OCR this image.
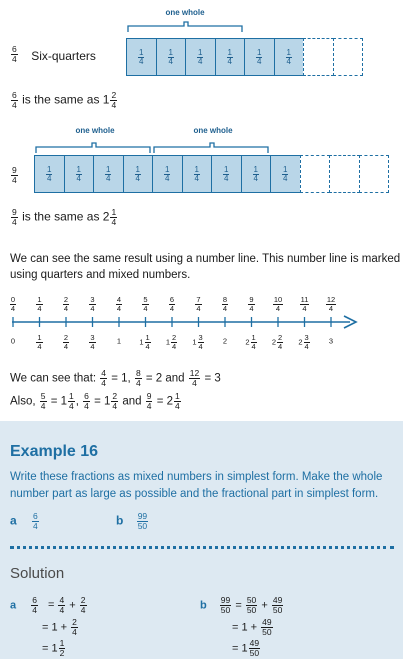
$\frac{6}{4}$ Six-quarters
one whole
$\frac{1}{4}$	$\frac{1}{4}$	$\frac{1}{4}$	$\frac{1}{4}$	$\frac{1}{4}$	$\frac{1}{4}$
$\frac{6}{4}$ is the same as $1 \frac{2}{4}$
$\frac{9}{4}$
one whole	one whole
$\frac{1}{4}$	$\frac{1}{4}$	$\frac{1}{4}$	$\frac{1}{4}$	$\frac{1}{4}$	$\frac{1}{4}$	$\frac{1}{4}$	$\frac{1}{4}$	$\frac{1}{4}$
$\frac{9}{4}$ is the same as $2 \frac{1}{4}$
We can see the same result using a number line. This number line is marked
using quarters and mixed numbers.
$\frac{0}{4}$	$\frac{1}{4}$	$\frac{2}{4}$	$\frac{3}{4}$	$\frac{4}{4}$	$\frac{5}{4}$	$\frac{6}{4}$	$\frac{7}{4}$	$\frac{8}{4}$	$\frac{9}{4} \frac{10}{4} \frac{11}{4} \frac{12}{4}$
0	$\frac{1}{4}$	$\frac{2}{4}$	$\frac{3}{4}$	1	$1 \frac{1}{4}$	$1 \frac{2}{4}$	$1 \frac{3}{4}$	2	$2 \frac{1}{4}$	$2 \frac{2}{4}$	$2 \frac{3}{4}$	3
We can see that: $\frac{4}{4} = 1$, $\frac{8}{4} = 2$ and $\frac{12}{4} = 3$
Also, $\frac{5}{4} = 1 \frac{1}{4}$ , $\frac{6}{4} = 1 \frac{2}{4}$ and $\frac{9}{4} = 2 \frac{1}{4}$
Example 16
Write these fractions as mixed numbers in simplest form. Make the whole
number part as large as possible and the fractional part in simplest form.
a $\frac{6}{4}$	b $\frac{99}{50}$
Solution
a $\frac{6}{4} = \frac{4}{4} + \frac{2}{4}$
= $1 + \frac{2}{4}$
= $1 \frac{1}{2}$
b $\frac{99}{50} = \frac{50}{50} + \frac{49}{50}$
= $1 + \frac{49}{50}$
= $1 \frac{49}{50}$
